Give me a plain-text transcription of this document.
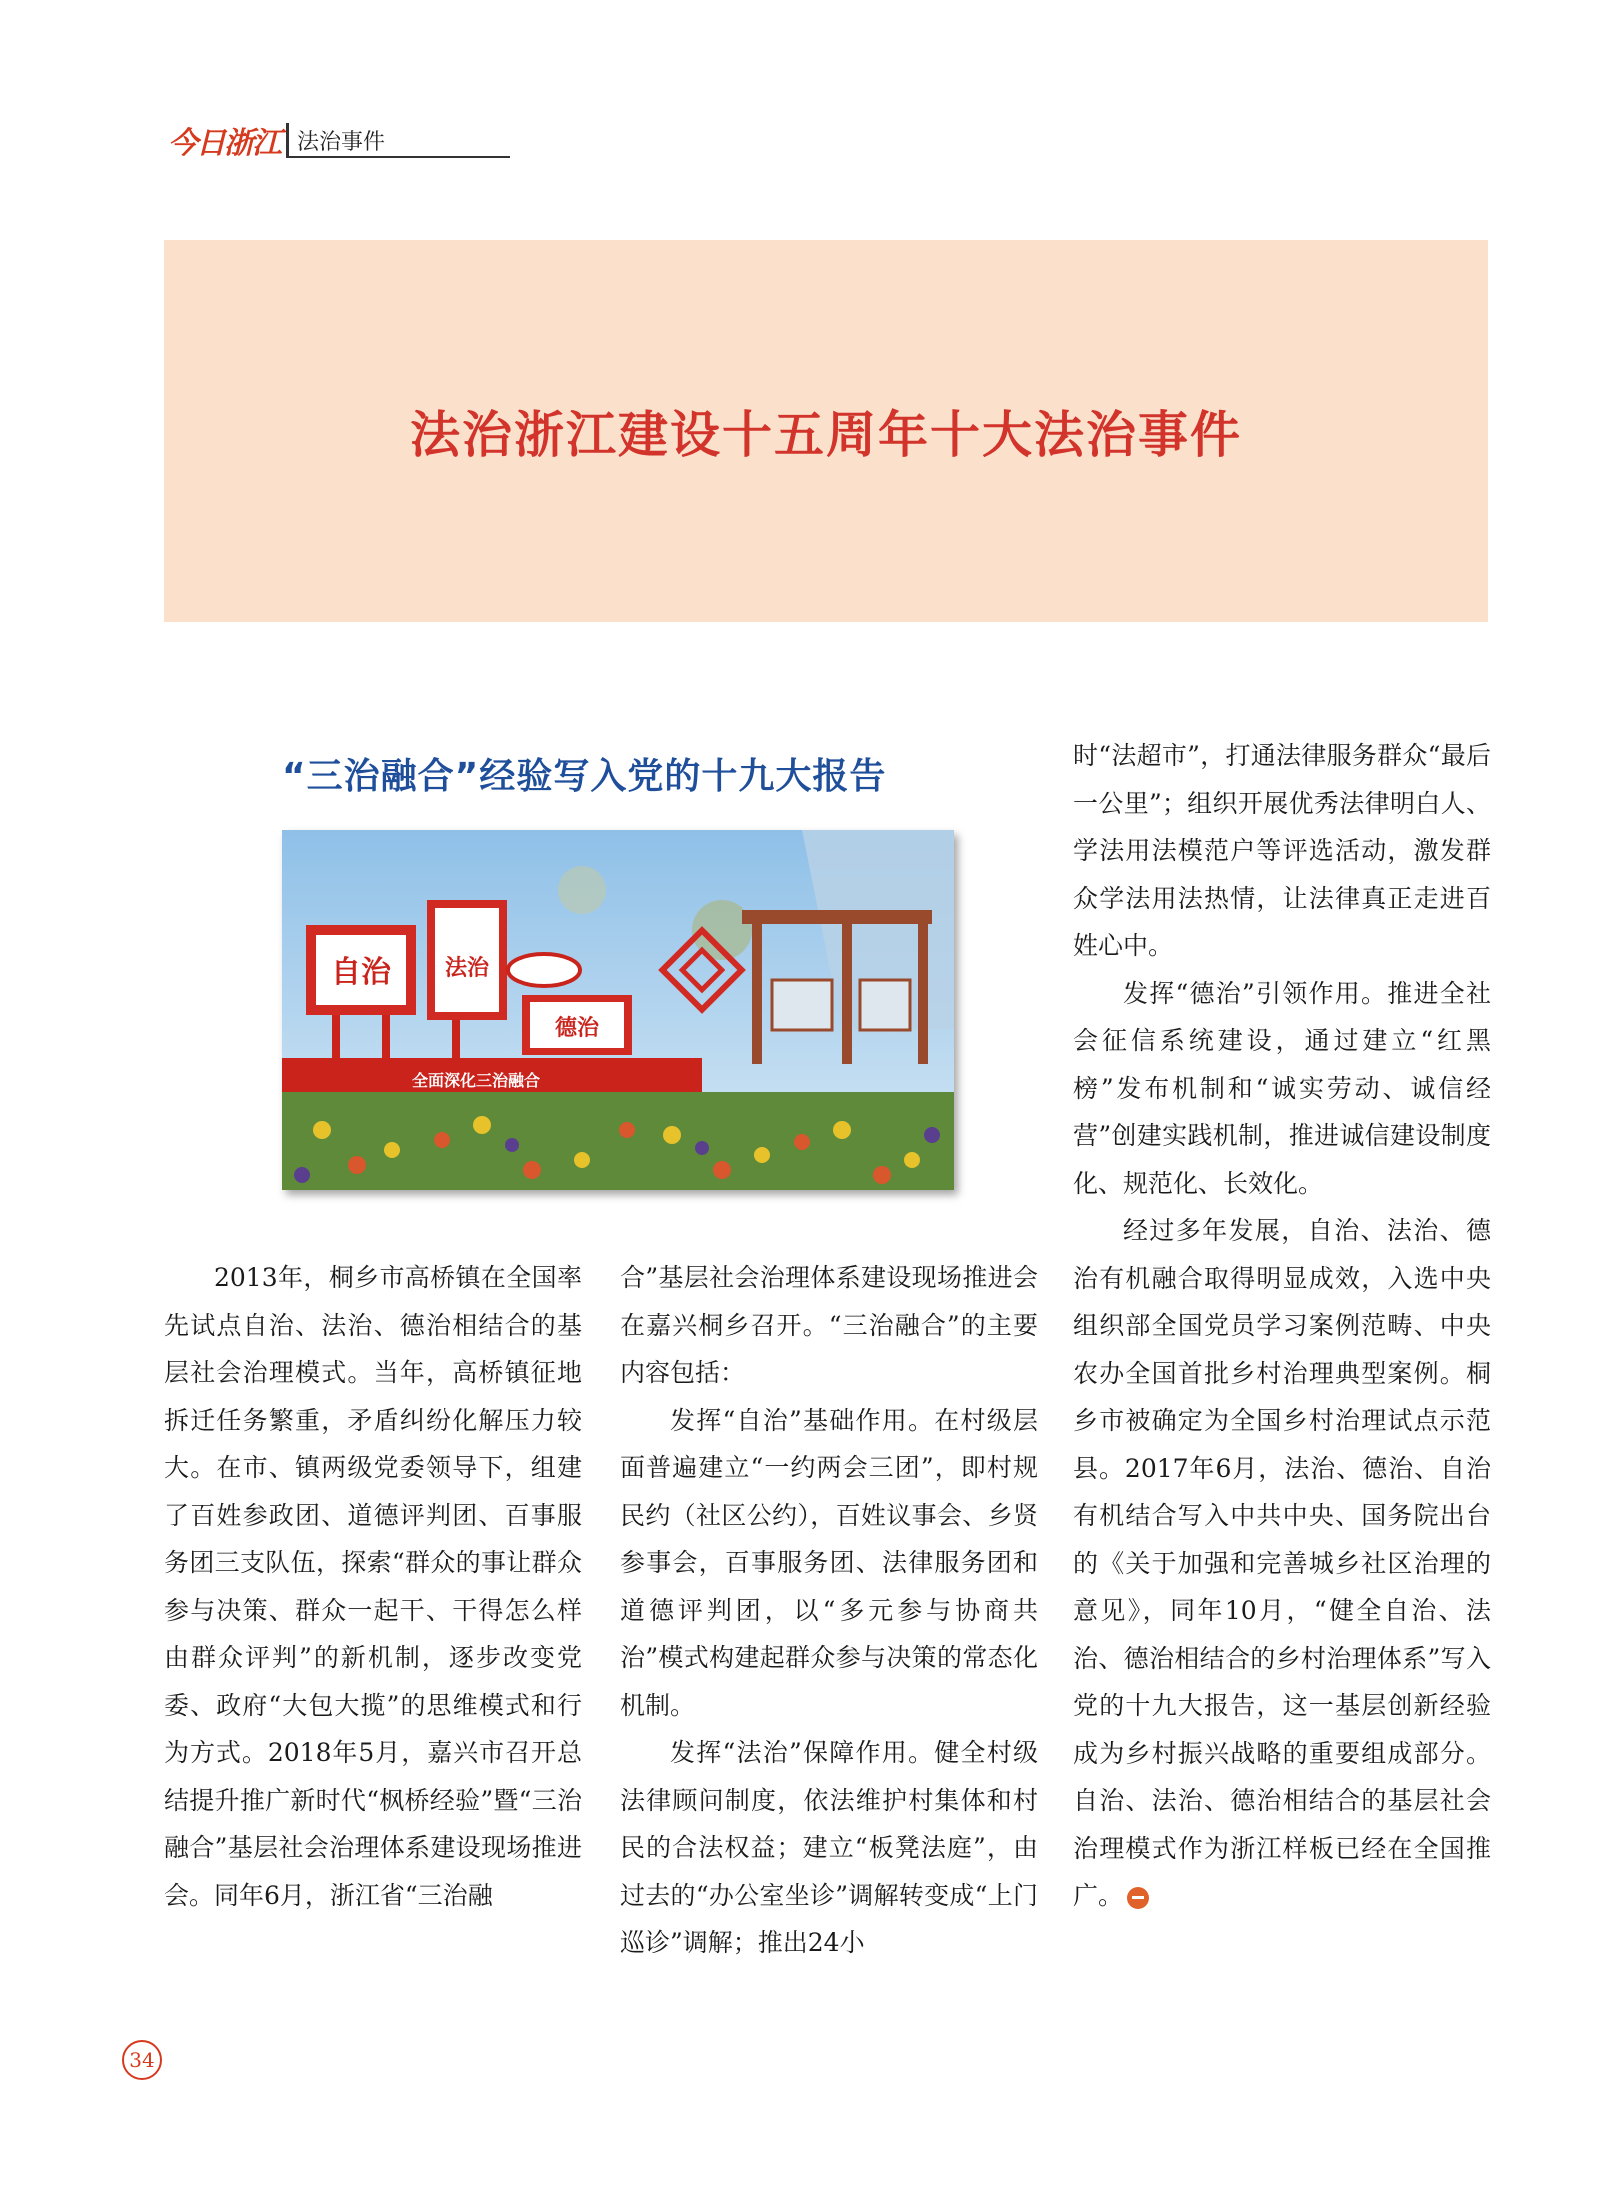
今日浙江 法治事件
法治浙江建设十五周年十大法治事件
“三治融合”经验写入党的十九大报告
自治 法治
德治
全面深化三治融合

2013年，桐乡市高桥镇在全国率先试点自治、法治、德治相结合的基层社会治理模式。当年，高桥镇征地拆迁任务繁重，矛盾纠纷化解压力较大。在市、镇两级党委领导下，组建了百姓参政团、道德评判团、百事服务团三支队伍，探索“群众的事让群众参与决策、群众一起干、干得怎么样由群众评判”的新机制，逐步改变党委、政府“大包大揽”的思维模式和行为方式。2018年5月，嘉兴市召开总结提升推广新时代“枫桥经验”暨“三治融合”基层社会治理体系建设现场推进会。同年6月，浙江省“三治融

合”基层社会治理体系建设现场推进会在嘉兴桐乡召开。“三治融合”的主要内容包括：

发挥“自治”基础作用。在村级层面普遍建立“一约两会三团”，即村规民约（社区公约），百姓议事会、乡贤参事会，百事服务团、法律服务团和道德评判团，以“多元参与协商共治”模式构建起群众参与决策的常态化机制。

发挥“法治”保障作用。健全村级法律顾问制度，依法维护村集体和村民的合法权益；建立“板凳法庭”，由过去的“办公室坐诊”调解转变成“上门巡诊”调解；推出24小

时“法超市”，打通法律服务群众“最后一公里”；组织开展优秀法律明白人、学法用法模范户等评选活动，激发群众学法用法热情，让法律真正走进百姓心中。

发挥“德治”引领作用。推进全社会征信系统建设，通过建立“红黑榜”发布机制和“诚实劳动、诚信经营”创建实践机制，推进诚信建设制度化、规范化、长效化。

经过多年发展，自治、法治、德治有机融合取得明显成效，入选中央组织部全国党员学习案例范畴、中央农办全国首批乡村治理典型案例。桐乡市被确定为全国乡村治理试点示范县。2017年6月，法治、德治、自治有机结合写入中共中央、国务院出台的《关于加强和完善城乡社区治理的意见》，同年10月，“健全自治、法治、德治相结合的乡村治理体系”写入党的十九大报告，这一基层创新经验成为乡村振兴战略的重要组成部分。自治、法治、德治相结合的基层社会治理模式作为浙江样板已经在全国推广。

34
